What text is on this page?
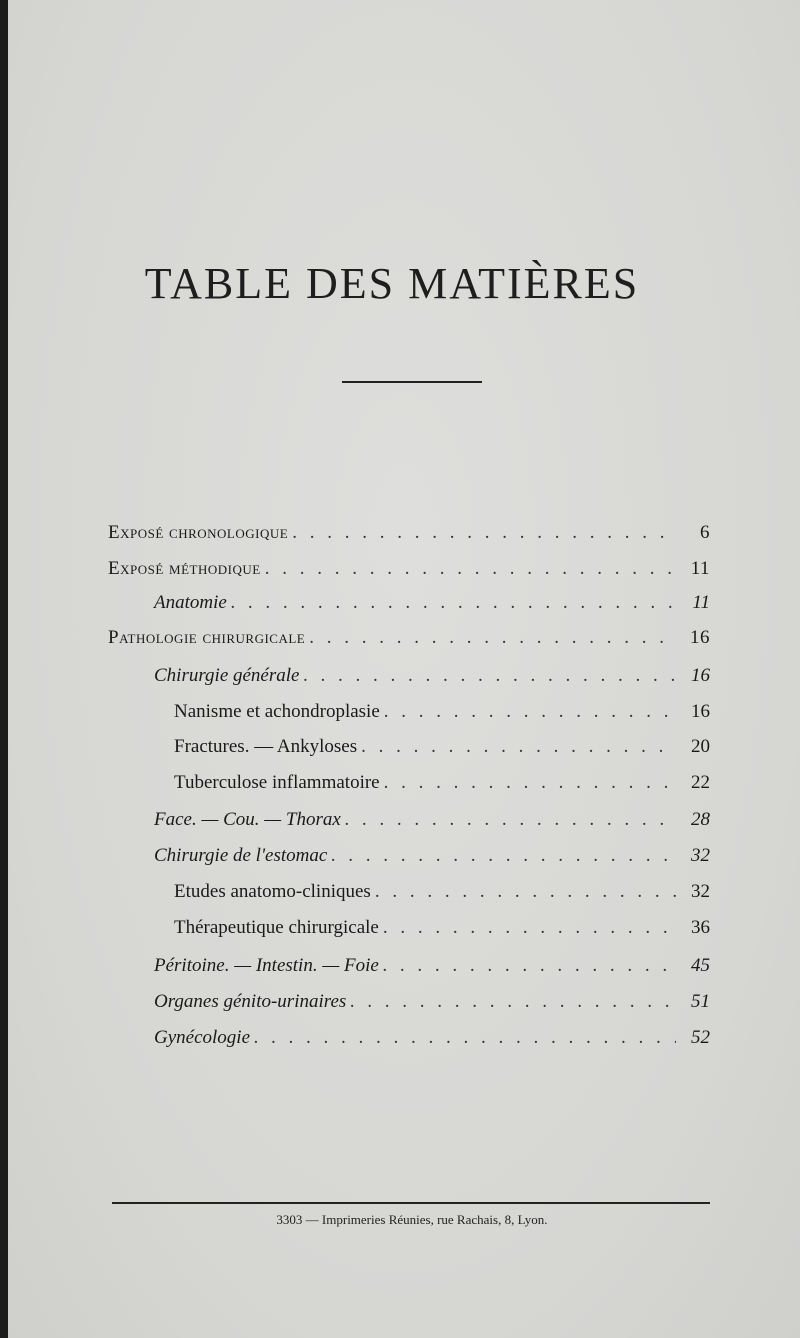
TABLE DES MATIÈRES
Exposé chronologique . . .	6
Exposé méthodique . . .	11
Anatomie . . .	11
Pathologie chirurgicale . . .	16
Chirurgie générale . . .	16
Nanisme et achondroplasie . . .	16
Fractures. — Ankyloses . . .	20
Tuberculose inflammatoire . . .	22
Face. — Cou. — Thorax . . .	28
Chirurgie de l'estomac . . .	32
Etudes anatomo-cliniques . . .	32
Thérapeutique chirurgicale . . .	36
Péritoine. — Intestin. — Foie . . .	45
Organes génito-urinaires . . .	51
Gynécologie . . .	52
3303 — Imprimeries Réunies, rue Rachais, 8, Lyon.
